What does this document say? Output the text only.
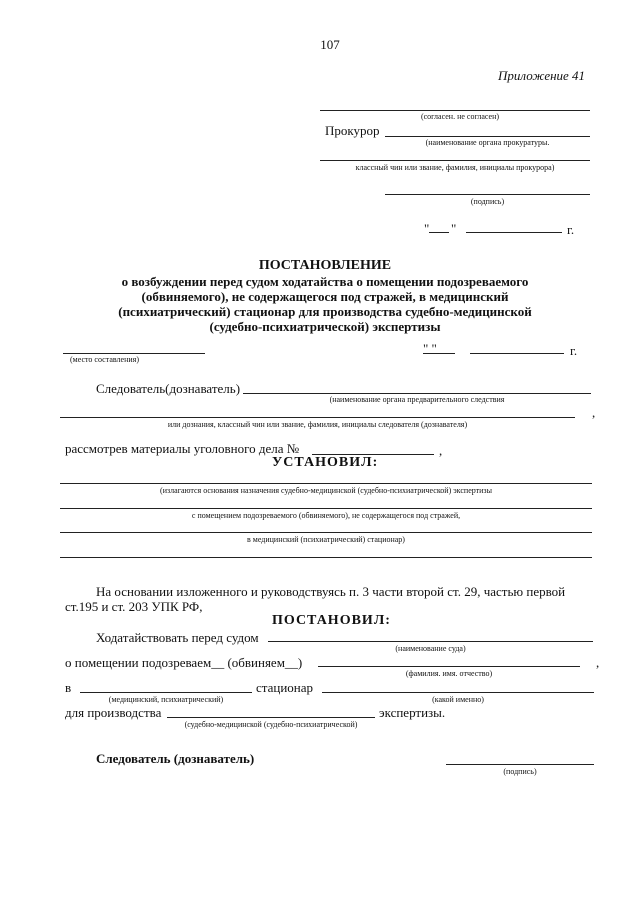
107
Приложение 41
(согласен. не согласен)
Прокурор
(наименование органа прокуратуры.
классный чин или звание, фамилия, инициалы прокурора)
(подпись)
" "	г.
ПОСТАНОВЛЕНИЕ
о возбуждении перед судом ходатайства о помещении подозреваемого
(обвиняемого), не содержащегося под стражей, в медицинский
(психиатрический) стационар для производства судебно-медицинской
(судебно-психиатрической) экспертизы
(место составления)
" "	г.
Следователь(дознаватель)
(наименование органа предварительного следствия
,
или дознания, классный чин или звание, фамилия, инициалы следователя (дознавателя)
рассмотрев материалы уголовного дела №	,
УСТАНОВИЛ:
(излагаются основания назначения судебно-медицинской (судебно-психиатрической) экспертизы
с помещением подозреваемого (обвиняемого), не содержащегося под стражей,
в медицинский (психиатрический) стационар)
На основании изложенного и руководствуясь п. 3 части второй ст. 29, частью первой
ст.195 и ст. 203 УПК РФ,
ПОСТАНОВИЛ:
Ходатайствовать перед судом
(наименование суда)
о помещении подозреваем__ (обвиняем__)	,
(фамилия. имя. отчество)
в	стационар
(медицинский, психиатрический)	(какой именно)
для производства	экспертизы.
(судебно-медицинской (судебно-психиатрической)
Следователь (дознаватель)
(подпись)
